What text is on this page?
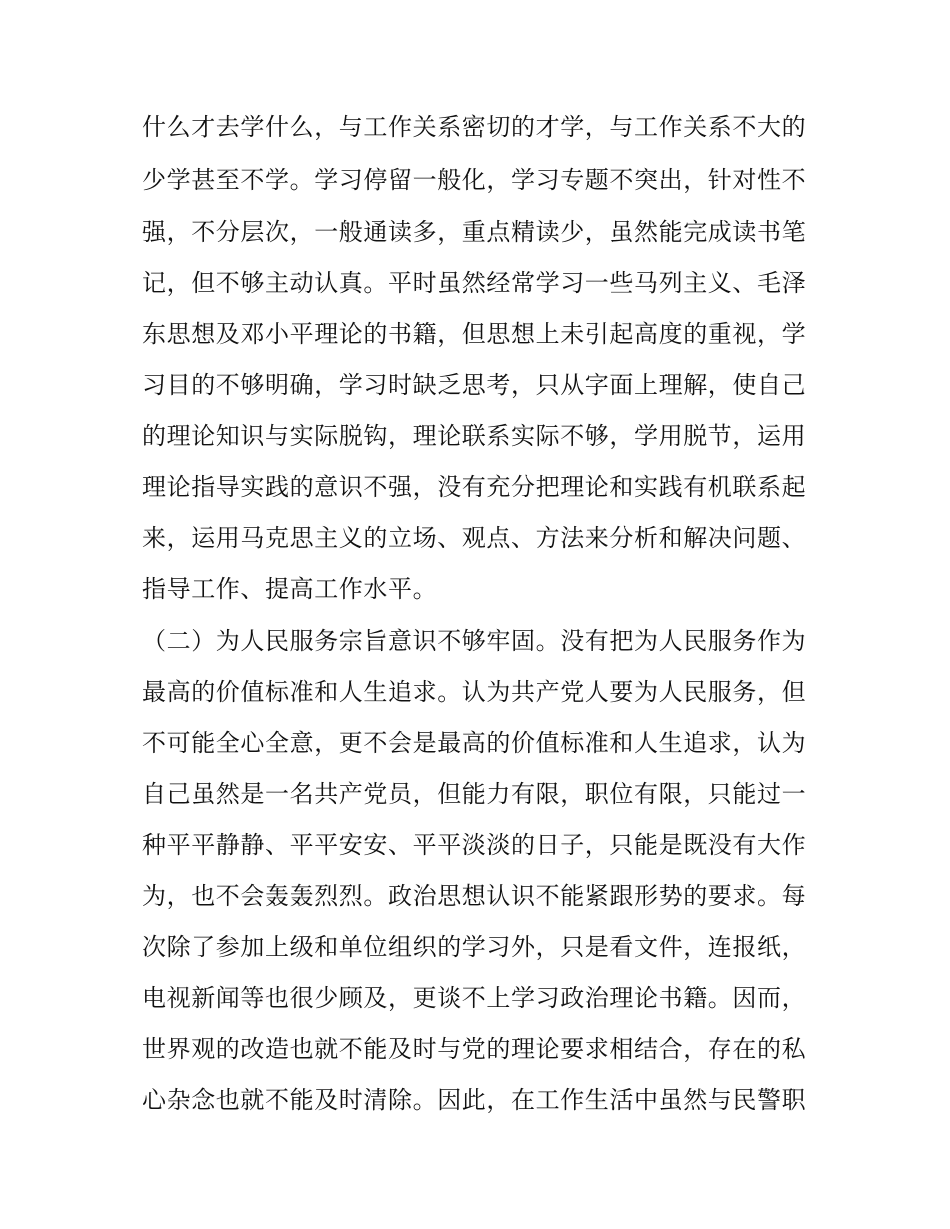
什么才去学什么，与工作关系密切的才学，与工作关系不大的
少学甚至不学。学习停留一般化，学习专题不突出，针对性不
强，不分层次，一般通读多，重点精读少，虽然能完成读书笔
记，但不够主动认真。平时虽然经常学习一些马列主义、毛泽
东思想及邓小平理论的书籍，但思想上未引起高度的重视，学
习目的不够明确，学习时缺乏思考，只从字面上理解，使自己
的理论知识与实际脱钩，理论联系实际不够，学用脱节，运用
理论指导实践的意识不强，没有充分把理论和实践有机联系起
来，运用马克思主义的立场、观点、方法来分析和解决问题、
指导工作、提高工作水平。
（二）为人民服务宗旨意识不够牢固。没有把为人民服务作为
最高的价值标准和人生追求。认为共产党人要为人民服务，但
不可能全心全意，更不会是最高的价值标准和人生追求，认为
自己虽然是一名共产党员，但能力有限，职位有限，只能过一
种平平静静、平平安安、平平淡淡的日子，只能是既没有大作
为，也不会轰轰烈烈。政治思想认识不能紧跟形势的要求。每
次除了参加上级和单位组织的学习外，只是看文件，连报纸，
电视新闻等也很少顾及，更谈不上学习政治理论书籍。因而，
世界观的改造也就不能及时与党的理论要求相结合，存在的私
心杂念也就不能及时清除。因此，在工作生活中虽然与民警职
